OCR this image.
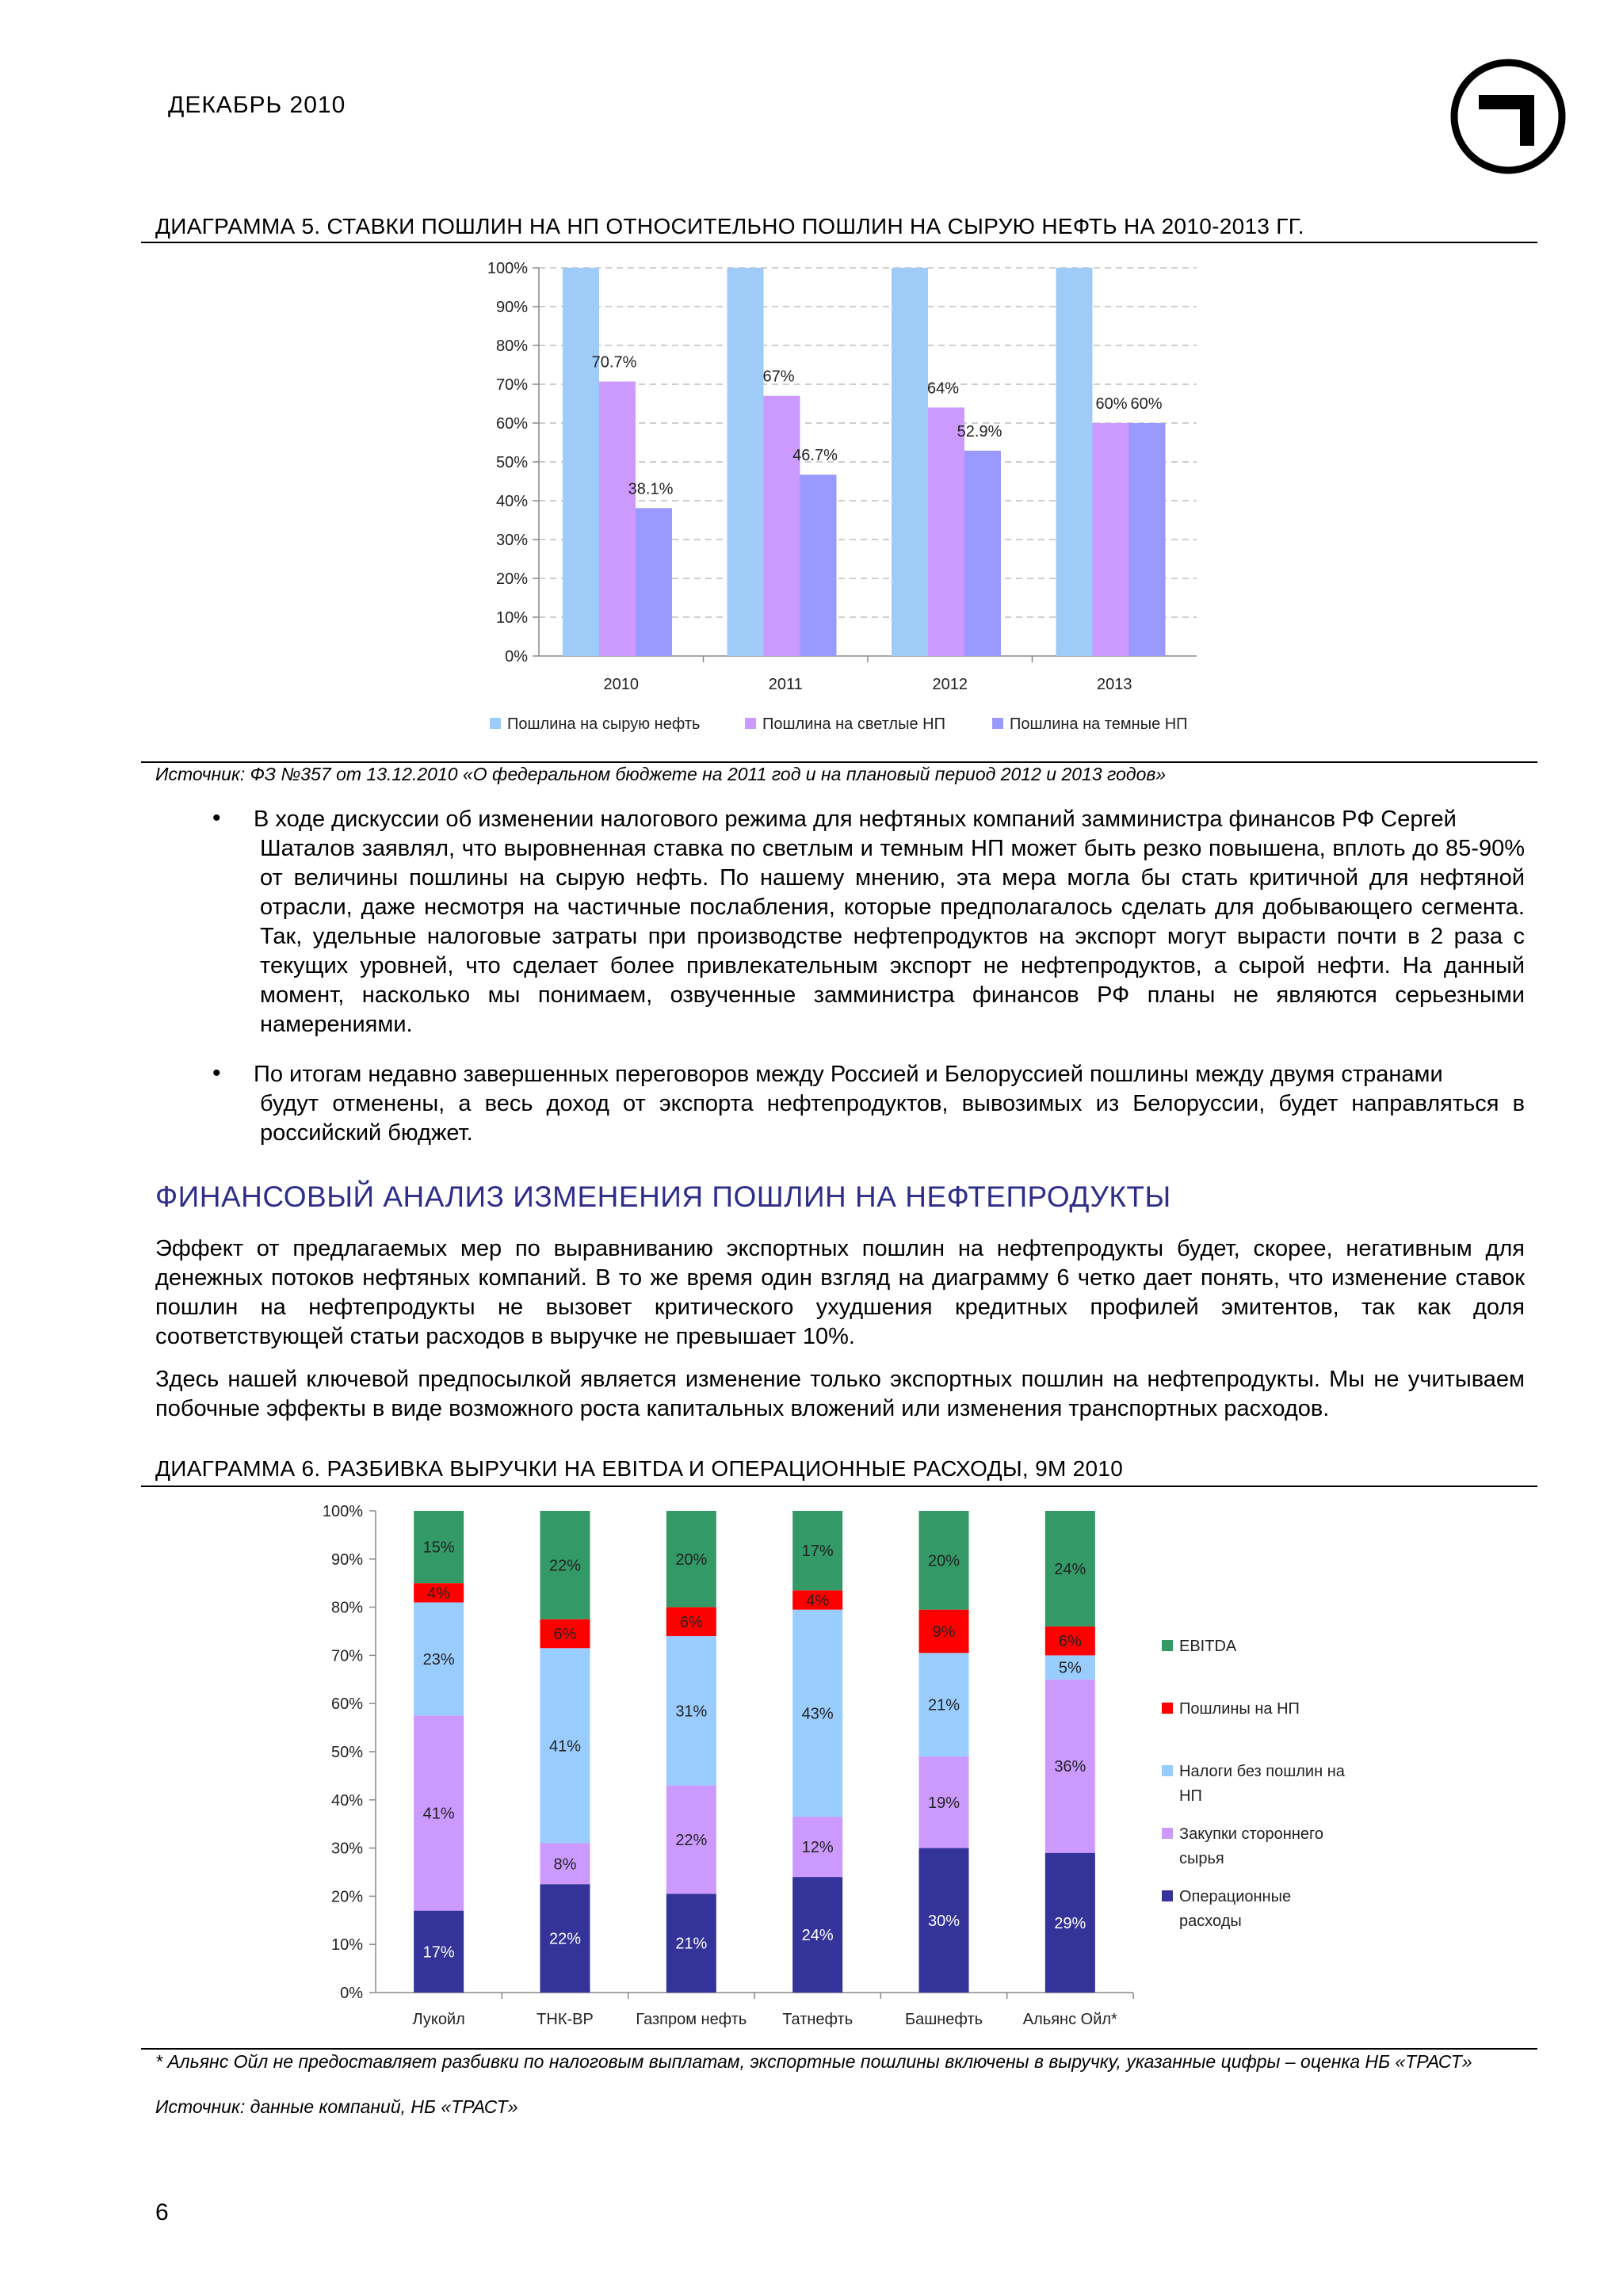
ДЕКАБРЬ 2010
ДИАГРАММА 5. СТАВКИ ПОШЛИН НА НП ОТНОСИТЕЛЬНО ПОШЛИН НА СЫРУЮ НЕФТЬ НА 2010-2013 ГГ.
0%
10%
20%
30%
40%
50%
60%
70%
80%
90%
100%
70.7%
38.1%
2010
67%
46.7%
2011
64%
52.9%
2012
60% 60%
2013
Пошлина на сырую нефть	Пошлина на светлые НП	Пошлина на темные НП
Источник: ФЗ №357 от 13.12.2010 «О федеральном бюджете на 2011 год и на плановый период 2012 и 2013 годов»
• В ходе дискуссии об изменении налогового режима для нефтяных компаний замминистра финансов РФ Сергей
Шаталов заявлял, что выровненная ставка по светлым и темным НП может быть резко повышена, вплоть до 85-90% от величины пошлины на сырую нефть. По нашему мнению, эта мера могла бы стать критичной для нефтяной отрасли, даже несмотря на частичные послабления, которые предполагалось сделать для добывающего сегмента. Так, удельные налоговые затраты при производстве нефтепродуктов на экспорт могут вырасти почти в 2 раза с текущих уровней, что сделает более привлекательным экспорт не нефтепродуктов, а сырой нефти. На данный момент, насколько мы понимаем, озвученные замминистра финансов РФ планы не являются серьезными намерениями.
• По итогам недавно завершенных переговоров между Россией и Белоруссией пошлины между двумя странами
будут отменены, а весь доход от экспорта нефтепродуктов, вывозимых из Белоруссии, будет направляться в российский бюджет.
ФИНАНСОВЫЙ АНАЛИЗ ИЗМЕНЕНИЯ ПОШЛИН НА НЕФТЕПРОДУКТЫ
Эффект от предлагаемых мер по выравниванию экспортных пошлин на нефтепродукты будет, скорее, негативным для денежных потоков нефтяных компаний. В то же время один взгляд на диаграмму 6 четко дает понять, что изменение ставок пошлин на нефтепродукты не вызовет критического ухудшения кредитных профилей эмитентов, так как доля соответствующей статьи расходов в выручке не превышает 10%.
Здесь нашей ключевой предпосылкой является изменение только экспортных пошлин на нефтепродукты. Мы не учитываем побочные эффекты в виде возможного роста капитальных вложений или изменения транспортных расходов.
ДИАГРАММА 6. РАЗБИВКА ВЫРУЧКИ НА EBITDA И ОПЕРАЦИОННЫЕ РАСХОДЫ, 9М 2010
0%
10%
20%
30%
40%
50%
60%
70%
80%
90%
100%
17%
41%
23%
4%
15%
Лукойл
22%
8%
41%
6%
22%
ТНК-ВР
21%
22%
31%
6%
20%
Газпром нефть
24%
12%
43%
4%
17%
Татнефть
30%
19%
21%
9%
20%
Башнефть
29%
36%
5%
6%
24%
Альянс Ойл*
EBITDA
Пошлины на НП
Налоги без пошлин на НП
Закупки стороннего сырья
Операционные расходы
* Альянс Ойл не предоставляет разбивки по налоговым выплатам, экспортные пошлины включены в выручку, указанные цифры – оценка НБ «ТРАСТ»
Источник: данные компаний, НБ «ТРАСТ»
6
